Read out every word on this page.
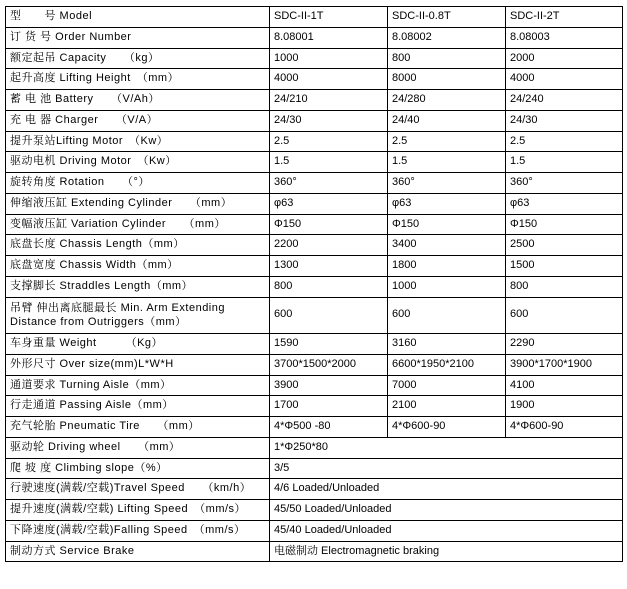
型　　号 Model	SDC-II-1T	SDC-II-0.8T	SDC-II-2T
订 货 号 Order Number	8.08001	8.08002	8.08003
额定起吊 Capacity　　（kg）	1000	800	2000
起升高度 Lifting Height　（mm）	4000	8000	4000
蓄 电 池 Battery　　（V/Ah）	24/210	24/280	24/240
充 电 器 Charger　　（V/A）	24/30	24/40	24/30
提升泵站Lifting Motor　（Kw）	2.5	2.5	2.5
驱动电机 Driving Motor　（Kw）	1.5	1.5	1.5
旋转角度 Rotation　　（°）	360°	360°	360°
伸缩液压缸 Extending Cylinder　　（mm）	φ63	φ63	φ63
变幅液压缸 Variation Cylinder　　（mm）	Φ150	Φ150	Φ150
底盘长度 Chassis Length（mm）	2200	3400	2500
底盘宽度 Chassis Width（mm）	1300	1800	1500
支撑脚长 Straddles Length（mm）	800	1000	800
吊臂 伸出离底腿最长 Min. Arm Extending Distance from Outriggers（mm）	600	600	600
车身重量 Weight　　　（Kg）	1590	3160	2290
外形尺寸 Over size(mm)L*W*H	3700*1500*2000	6600*1950*2100	3900*1700*1900
通道要求 Turning Aisle（mm）	3900	7000	4100
行走通道 Passing Aisle（mm）	1700	2100	1900
充气轮胎 Pneumatic Tire　　（mm）	4*Φ500 -80	4*Φ600-90	4*Φ600-90
驱动轮 Driving wheel　　（mm）	1*Φ250*80		
爬 坡 度 Climbing slope（%）	3/5		
行驶速度(满载/空载)Travel Speed　　（km/h）	4/6 Loaded/Unloaded		
提升速度(满载/空载) Lifting Speed　（mm/s）	45/50 Loaded/Unloaded		
下降速度(满载/空载)Falling Speed　（mm/s）	45/40 Loaded/Unloaded		
制动方式 Service Brake	电磁制动 Electromagnetic braking		
